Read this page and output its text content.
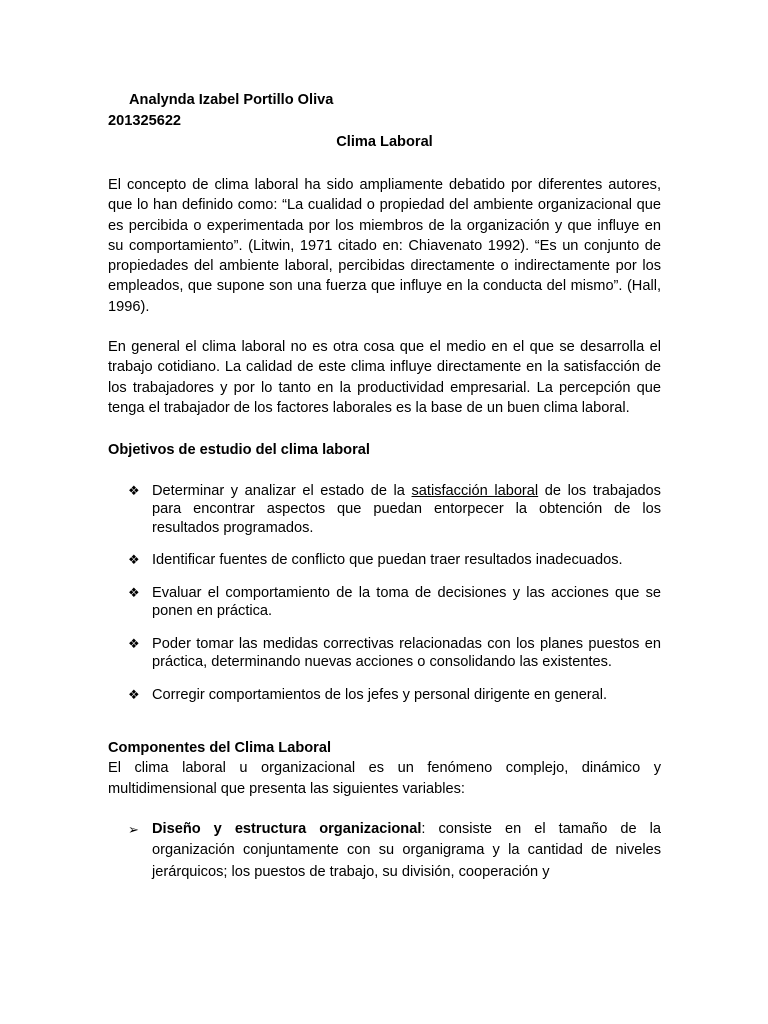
Analynda Izabel Portillo Oliva

201325622

Clima Laboral

El concepto de clima laboral ha sido ampliamente debatido por diferentes autores, que lo han definido como: “La cualidad o propiedad del ambiente organizacional que es percibida o experimentada por los miembros de la organización y que influye en su comportamiento”. (Litwin, 1971 citado en: Chiavenato 1992). “Es un conjunto de propiedades del ambiente laboral, percibidas directamente o indirectamente por los empleados, que supone son una fuerza que influye en la conducta del mismo”. (Hall, 1996).

En general el clima laboral no es otra cosa que el medio en el que se desarrolla el trabajo cotidiano. La calidad de este clima influye directamente en la satisfacción de los trabajadores y por lo tanto en la productividad empresarial. La percepción que tenga el trabajador de los factores laborales es la base de un buen clima laboral.

Objetivos de estudio del clima laboral
❖ Determinar y analizar el estado de la satisfacción laboral de los trabajados para encontrar aspectos que puedan entorpecer la obtención de los resultados programados.
❖ Identificar fuentes de conflicto que puedan traer resultados inadecuados.
❖ Evaluar el comportamiento de la toma de decisiones y las acciones que se ponen en práctica.
❖ Poder tomar las medidas correctivas relacionadas con los planes puestos en práctica, determinando nuevas acciones o consolidando las existentes.
❖ Corregir comportamientos de los jefes y personal dirigente en general.
Componentes del Clima Laboral

El clima laboral u organizacional es un fenómeno complejo, dinámico y multidimensional que presenta las siguientes variables:

➢ Diseño y estructura organizacional: consiste en el tamaño de la organización conjuntamente con su organigrama y la cantidad de niveles jerárquicos; los puestos de trabajo, su división, cooperación y
